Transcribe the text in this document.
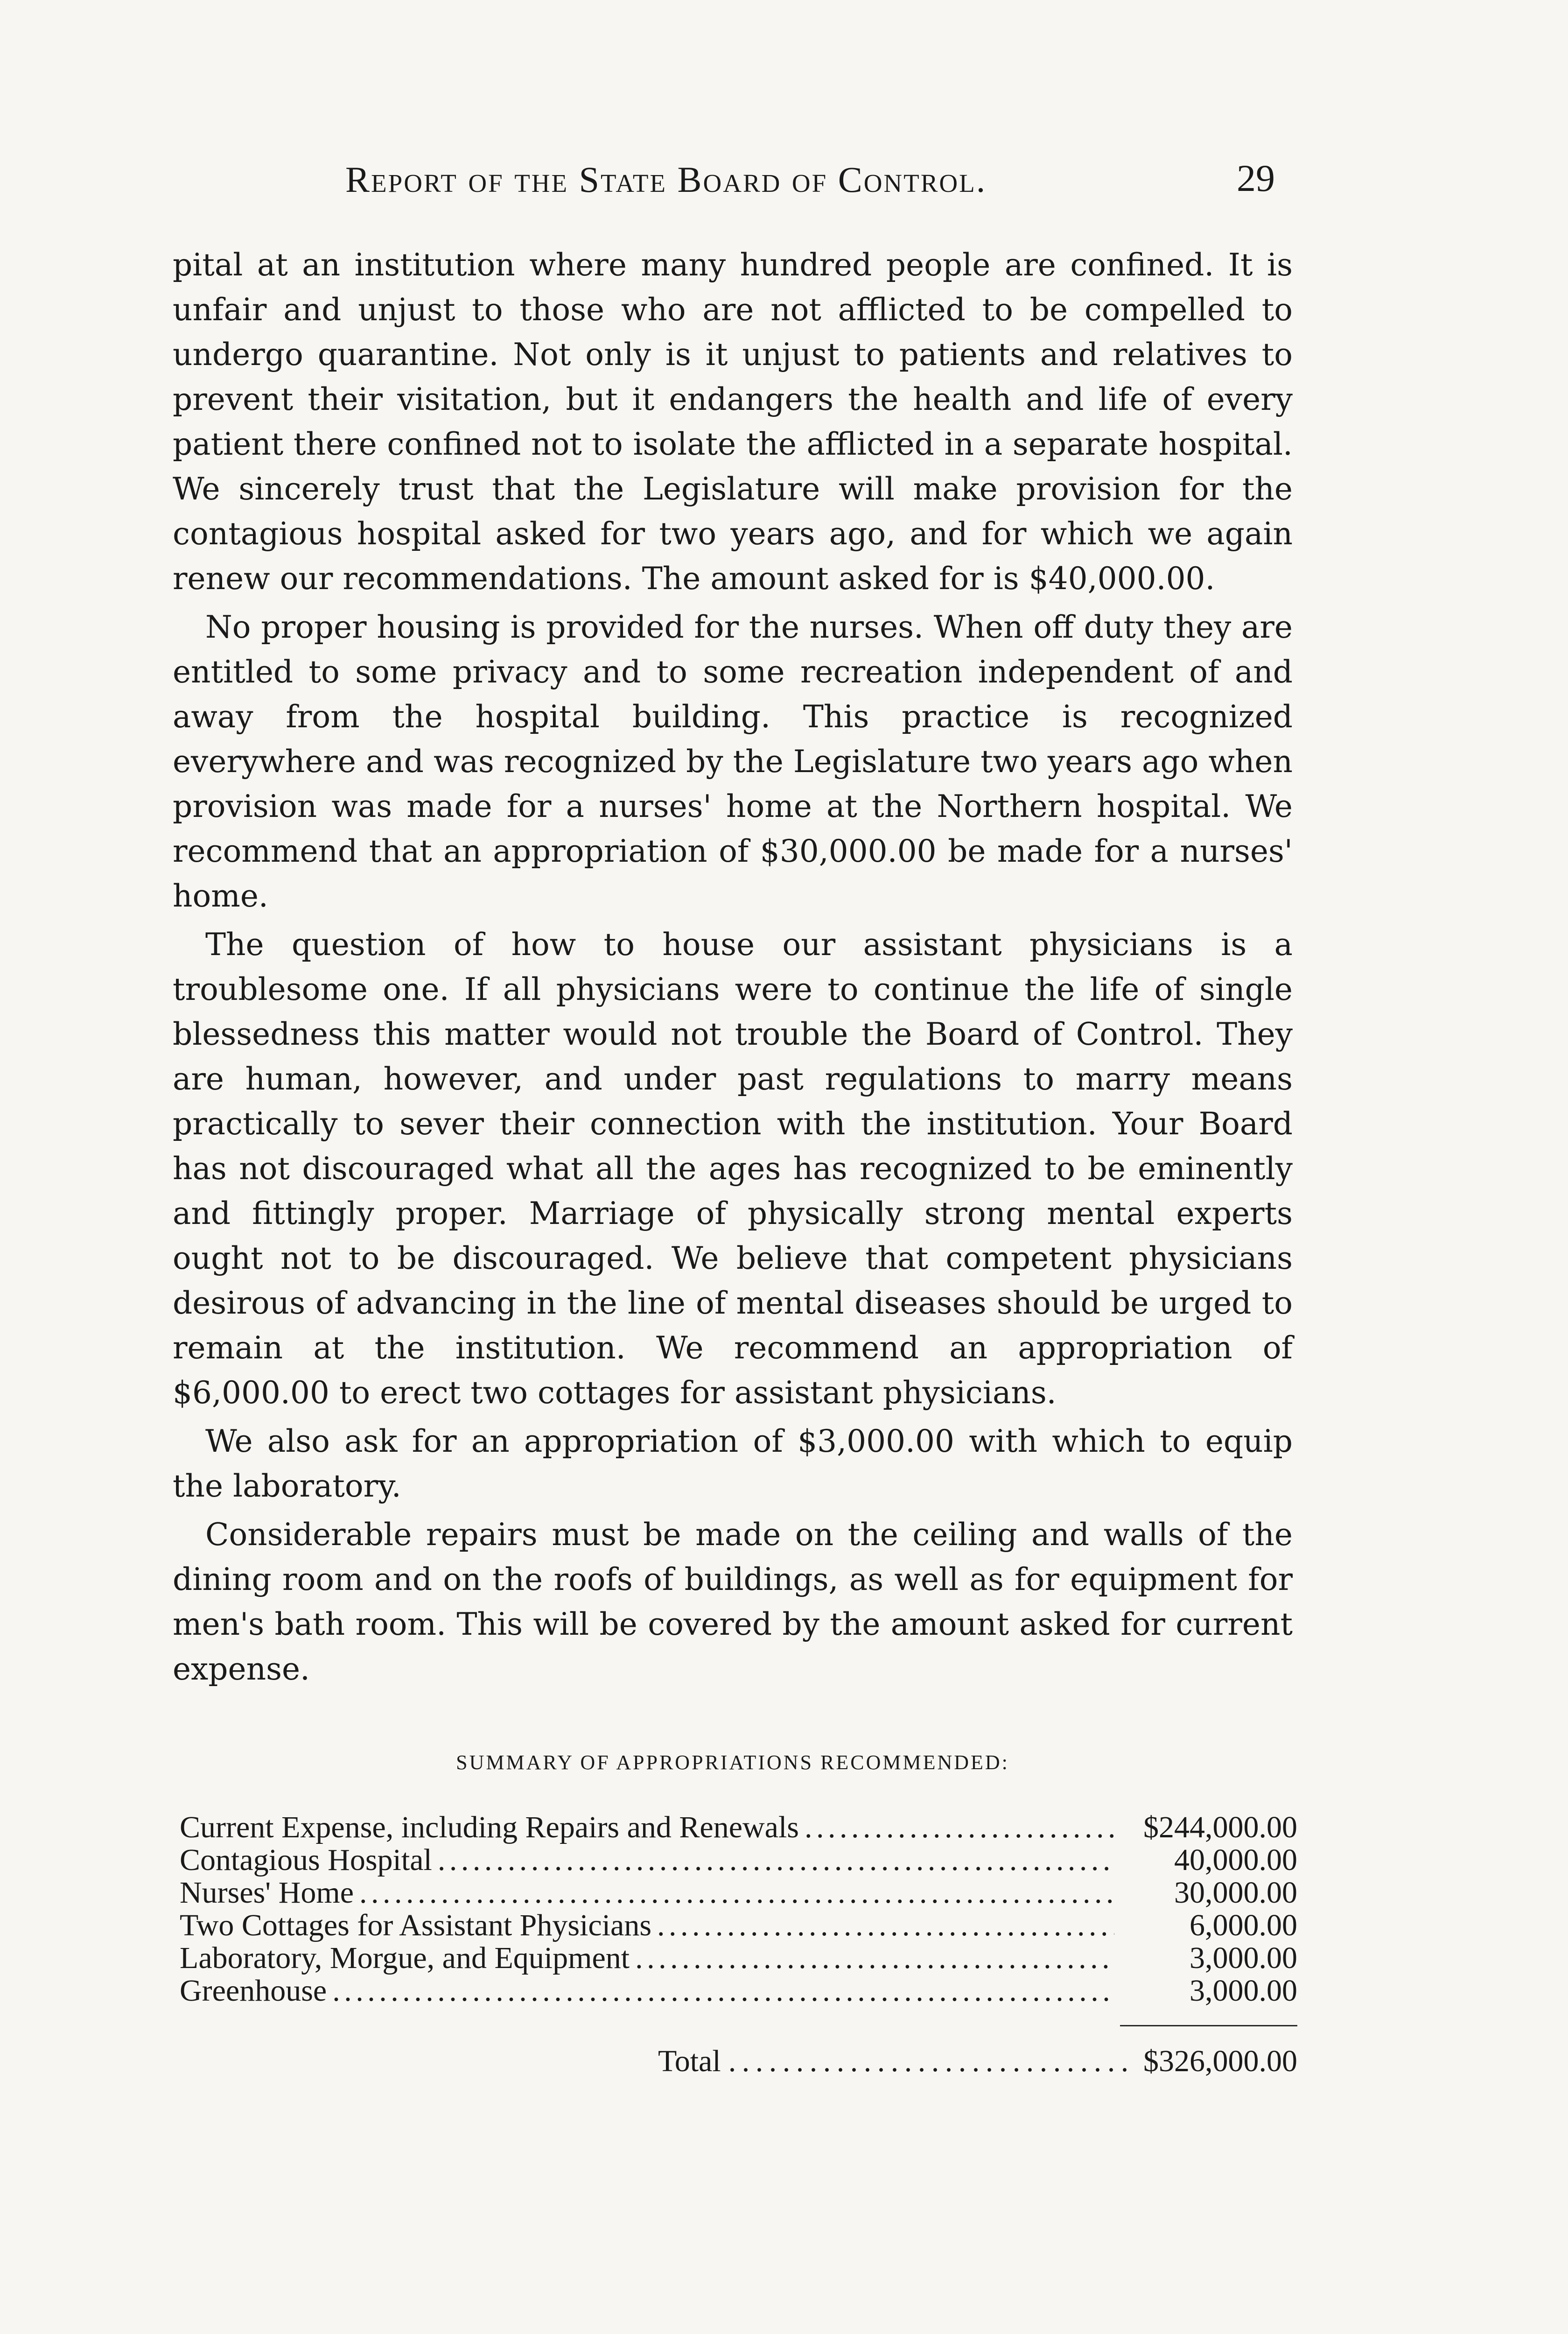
Report of the State Board of Control.	29

pital at an institution where many hundred people are confined. It is unfair and unjust to those who are not afflicted to be compelled to undergo quarantine. Not only is it unjust to patients and relatives to prevent their visitation, but it endangers the health and life of every patient there confined not to isolate the afflicted in a separate hospital. We sincerely trust that the Legislature will make provision for the contagious hospital asked for two years ago, and for which we again renew our recommendations. The amount asked for is $40,000.00.

No proper housing is provided for the nurses. When off duty they are entitled to some privacy and to some recreation independent of and away from the hospital building. This practice is recognized everywhere and was recognized by the Legislature two years ago when provision was made for a nurses' home at the Northern hospital. We recommend that an appropriation of $30,000.00 be made for a nurses' home.

The question of how to house our assistant physicians is a troublesome one. If all physicians were to continue the life of single blessedness this matter would not trouble the Board of Control. They are human, however, and under past regulations to marry means practically to sever their connection with the institution. Your Board has not discouraged what all the ages has recognized to be eminently and fittingly proper. Marriage of physically strong mental experts ought not to be discouraged. We believe that competent physicians desirous of advancing in the line of mental diseases should be urged to remain at the institution. We recommend an appropriation of $6,000.00 to erect two cottages for assistant physicians.

We also ask for an appropriation of $3,000.00 with which to equip the laboratory.

Considerable repairs must be made on the ceiling and walls of the dining room and on the roofs of buildings, as well as for equipment for men's bath room. This will be covered by the amount asked for current expense.

SUMMARY OF APPROPRIATIONS RECOMMENDED:
Current Expense, including Repairs and Renewals . . .	$244,000.00
Contagious Hospital . . .	40,000.00
Nurses' Home . . .	30,000.00
Two Cottages for Assistant Physicians . . .	6,000.00
Laboratory, Morgue, and Equipment . . .	3,000.00
Greenhouse . . .	3,000.00
Total . . .	$326,000.00
